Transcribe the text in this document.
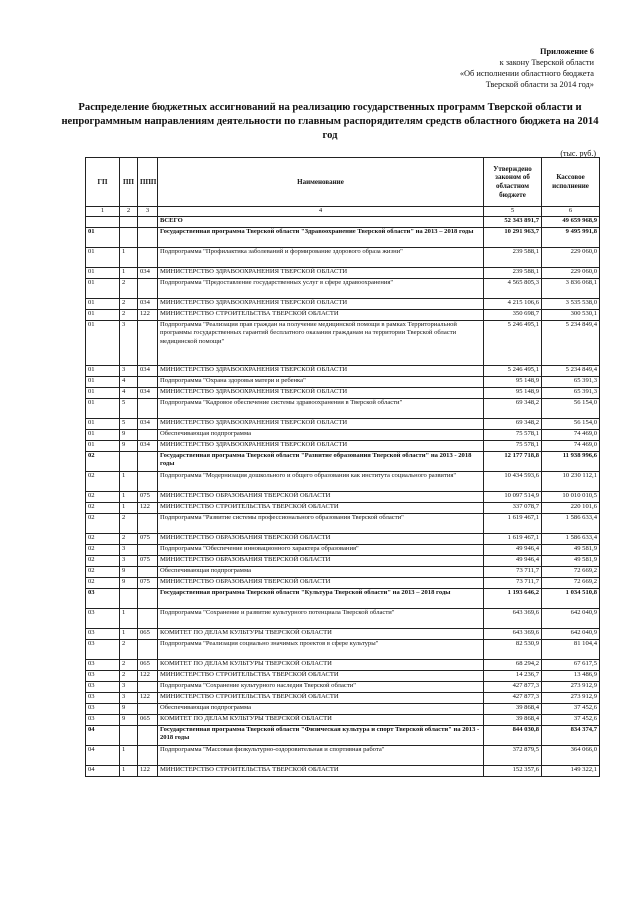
Приложение 6
к закону Тверской области
«Об исполнении областного бюджета
Тверской области за 2014 год»
Распределение бюджетных ассигнований на реализацию государственных программ Тверской области и непрограммным направлениям деятельности по главным распорядителям средств областного бюджета на 2014 год
(тыс. руб.)
ГП	ПП	ППП	Наименование	Утверждено законом об областном бюджете	Кассовое исполнение
1	2	3	4	5	6
			ВСЕГО	52 343 891,7	49 659 968,9
01			Государственная программа Тверской области "Здравоохранение Тверской области" на 2013 – 2018 годы	10 291 963,7	9 495 991,8
01	1		Подпрограмма "Профилактика заболеваний и формирование здорового образа жизни"	239 588,1	229 060,0
01	1	034	МИНИСТЕРСТВО ЗДРАВООХРАНЕНИЯ ТВЕРСКОЙ ОБЛАСТИ	239 588,1	229 060,0
01	2		Подпрограмма "Предоставление государственных услуг в сфере здравоохранения"	4 565 805,3	3 836 068,1
01	2	034	МИНИСТЕРСТВО ЗДРАВООХРАНЕНИЯ ТВЕРСКОЙ ОБЛАСТИ	4 215 106,6	3 535 538,0
01	2	122	МИНИСТЕРСТВО СТРОИТЕЛЬСТВА ТВЕРСКОЙ ОБЛАСТИ	350 698,7	300 530,1
01	3		Подпрограмма "Реализация прав граждан на получение медицинской помощи в рамках Территориальной программы государственных гарантий бесплатного оказания гражданам на территории Тверской области медицинской помощи"	5 246 495,1	5 234 849,4
01	3	034	МИНИСТЕРСТВО ЗДРАВООХРАНЕНИЯ ТВЕРСКОЙ ОБЛАСТИ	5 246 495,1	5 234 849,4
01	4		Подпрограмма "Охрана здоровья матери и ребенка"	95 148,9	65 391,3
01	4	034	МИНИСТЕРСТВО ЗДРАВООХРАНЕНИЯ ТВЕРСКОЙ ОБЛАСТИ	95 148,9	65 391,3
01	5		Подпрограмма "Кадровое обеспечение системы здравоохранения в Тверской области"	69 348,2	56 154,0
01	5	034	МИНИСТЕРСТВО ЗДРАВООХРАНЕНИЯ ТВЕРСКОЙ ОБЛАСТИ	69 348,2	56 154,0
01	9		Обеспечивающая подпрограмма	75 578,1	74 469,0
01	9	034	МИНИСТЕРСТВО ЗДРАВООХРАНЕНИЯ ТВЕРСКОЙ ОБЛАСТИ	75 578,1	74 469,0
02			Государственная программа Тверской области "Развитие образования Тверской области" на 2013 - 2018 годы	12 177 718,8	11 938 996,6
02	1		Подпрограмма "Модернизация дошкольного и общего образования как института социального развития"	10 434 593,6	10 230 112,1
02	1	075	МИНИСТЕРСТВО ОБРАЗОВАНИЯ ТВЕРСКОЙ ОБЛАСТИ	10 097 514,9	10 010 010,5
02	1	122	МИНИСТЕРСТВО СТРОИТЕЛЬСТВА ТВЕРСКОЙ ОБЛАСТИ	337 078,7	220 101,6
02	2		Подпрограмма "Развитие системы профессионального образования Тверской области"	1 619 467,1	1 586 633,4
02	2	075	МИНИСТЕРСТВО ОБРАЗОВАНИЯ ТВЕРСКОЙ ОБЛАСТИ	1 619 467,1	1 586 633,4
02	3		Подпрограмма "Обеспечение инновационного характера образования"	49 946,4	49 581,9
02	3	075	МИНИСТЕРСТВО ОБРАЗОВАНИЯ ТВЕРСКОЙ ОБЛАСТИ	49 946,4	49 581,9
02	9		Обеспечивающая подпрограмма	73 711,7	72 669,2
02	9	075	МИНИСТЕРСТВО ОБРАЗОВАНИЯ ТВЕРСКОЙ ОБЛАСТИ	73 711,7	72 669,2
03			Государственная программа Тверской области "Культура Тверской области" на 2013 – 2018 годы	1 193 646,2	1 034 510,8
03	1		Подпрограмма "Сохранение и развитие культурного потенциала Тверской области"	643 369,6	642 040,9
03	1	065	КОМИТЕТ ПО ДЕЛАМ КУЛЬТУРЫ ТВЕРСКОЙ ОБЛАСТИ	643 369,6	642 040,9
03	2		Подпрограмма "Реализация социально значимых проектов в сфере культуры"	82 530,9	81 104,4
03	2	065	КОМИТЕТ ПО ДЕЛАМ КУЛЬТУРЫ ТВЕРСКОЙ ОБЛАСТИ	68 294,2	67 617,5
03	2	122	МИНИСТЕРСТВО СТРОИТЕЛЬСТВА ТВЕРСКОЙ ОБЛАСТИ	14 236,7	13 486,9
03	3		Подпрограмма "Сохранение культурного наследия Тверской области"	427 877,3	273 912,9
03	3	122	МИНИСТЕРСТВО СТРОИТЕЛЬСТВА ТВЕРСКОЙ ОБЛАСТИ	427 877,3	273 912,9
03	9		Обеспечивающая подпрограмма	39 868,4	37 452,6
03	9	065	КОМИТЕТ ПО ДЕЛАМ КУЛЬТУРЫ ТВЕРСКОЙ ОБЛАСТИ	39 868,4	37 452,6
04			Государственная программа Тверской области "Физическая культура и спорт Тверской области" на 2013 - 2018 годы	844 030,8	834 374,7
04	1		Подпрограмма "Массовая физкультурно-оздоровительная и спортивная работа"	372 879,5	364 066,0
04	1	122	МИНИСТЕРСТВО СТРОИТЕЛЬСТВА ТВЕРСКОЙ ОБЛАСТИ	152 357,6	149 322,1
